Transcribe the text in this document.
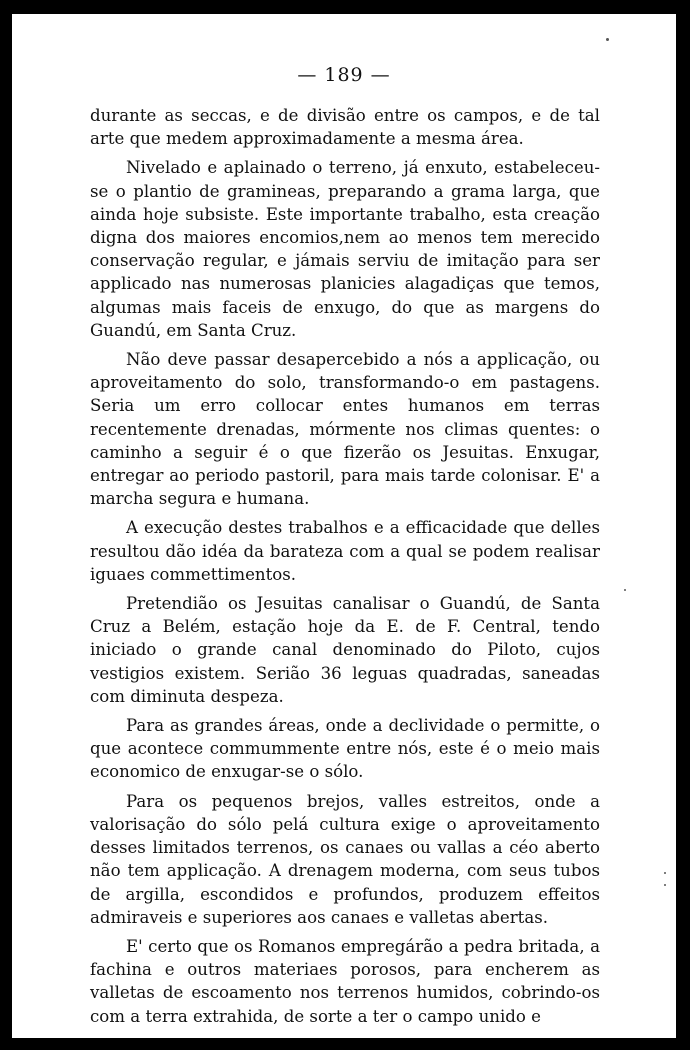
— 189 —

durante as seccas, e de divisão entre os campos, e de tal arte que medem approximadamente a mesma área.

Nivelado e aplainado o terreno, já enxuto, estabeleceu-se o plantio de gramineas, preparando a grama larga, que ainda hoje subsiste. Este importante trabalho, esta creação digna dos maiores encomios,nem ao menos tem merecido conservação regular, e jámais serviu de imitação para ser applicado nas numerosas planicies alagadiças que temos, algumas mais faceis de enxugo, do que as margens do Guandú, em Santa Cruz.

Não deve passar desapercebido a nós a applicação, ou aproveitamento do solo, transformando-o em pastagens. Seria um erro collocar entes humanos em terras recentemente drenadas, mórmente nos climas quentes: o caminho a seguir é o que fizerão os Jesuitas. Enxugar, entregar ao periodo pastoril, para mais tarde colonisar. E' a marcha segura e humana.

A execução destes trabalhos e a efficacidade que delles resultou dão idéa da barateza com a qual se podem realisar iguaes commettimentos.

Pretendião os Jesuitas canalisar o Guandú, de Santa Cruz a Belém, estação hoje da E. de F. Central, tendo iniciado o grande canal denominado do Piloto, cujos vestigios existem. Serião 36 leguas quadradas, saneadas com diminuta despeza.

Para as grandes áreas, onde a declividade o permitte, o que acontece commummente entre nós, este é o meio mais economico de enxugar-se o sólo.

Para os pequenos brejos, valles estreitos, onde a valorisação do sólo pelá cultura exige o aproveitamento desses limitados terrenos, os canaes ou vallas a céo aberto não tem applicação. A drenagem moderna, com seus tubos de argilla, escondidos e profundos, produzem effeitos admiraveis e superiores aos canaes e valletas abertas.

E' certo que os Romanos empregárão a pedra britada, a fachina e outros materiaes porosos, para encherem as valletas de escoamento nos terrenos humidos, cobrindo-os com a terra extrahida, de sorte a ter o campo unido e
